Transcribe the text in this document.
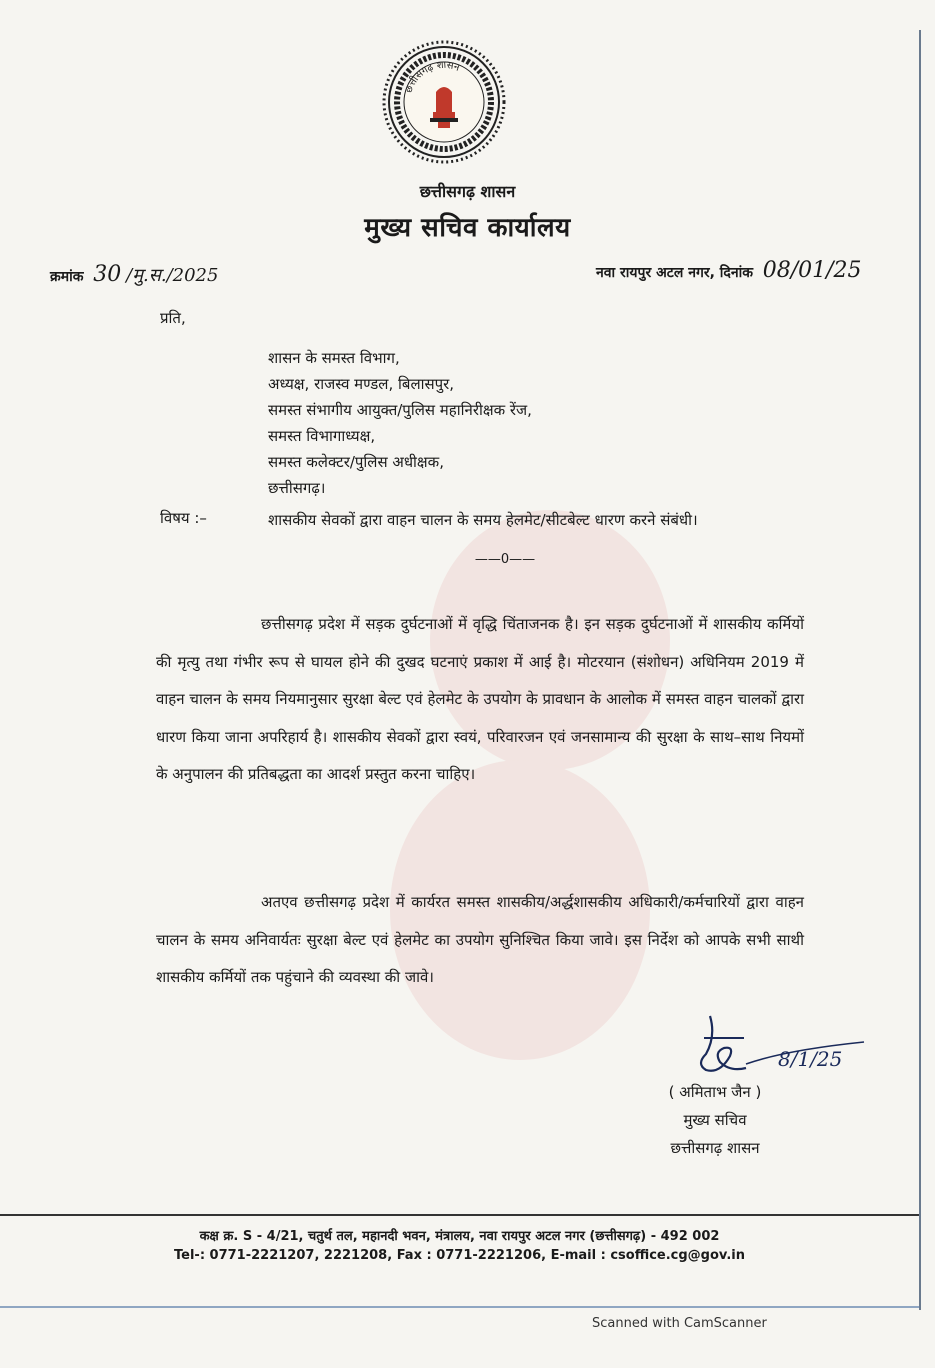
छत्तीसगढ़ शासन
छत्तीसगढ़ शासन
मुख्य सचिव कार्यालय
क्रमांक 30 /मु.स./2025	नवा रायपुर अटल नगर, दिनांक 08/01/25
प्रति,
शासन के समस्त विभाग,
अध्यक्ष, राजस्व मण्डल, बिलासपुर,
समस्त संभागीय आयुक्त/पुलिस महानिरीक्षक रेंज,
समस्त विभागाध्यक्ष,
समस्त कलेक्टर/पुलिस अधीक्षक,
छत्तीसगढ़।
विषय :–	शासकीय सेवकों द्वारा वाहन चालन के समय हेलमेट/सीटबेल्ट धारण करने संबंधी।
——0——
छत्तीसगढ़ प्रदेश में सड़क दुर्घटनाओं में वृद्धि चिंताजनक है। इन सड़क दुर्घटनाओं में शासकीय कर्मियों की मृत्यु तथा गंभीर रूप से घायल होने की दुखद घटनाएं प्रकाश में आई है। मोटरयान (संशोधन) अधिनियम 2019 में वाहन चालन के समय नियमानुसार सुरक्षा बेल्ट एवं हेलमेट के उपयोग के प्रावधान के आलोक में समस्त वाहन चालकों द्वारा धारण किया जाना अपरिहार्य है। शासकीय सेवकों द्वारा स्वयं, परिवारजन एवं जनसामान्य की सुरक्षा के साथ–साथ नियमों के अनुपालन की प्रतिबद्धता का आदर्श प्रस्तुत करना चाहिए।
अतएव छत्तीसगढ़ प्रदेश में कार्यरत समस्त शासकीय/अर्द्धशासकीय अधिकारी/कर्मचारियों द्वारा वाहन चालन के समय अनिवार्यतः सुरक्षा बेल्ट एवं हेलमेट का उपयोग सुनिश्चित किया जावे। इस निर्देश को आपके सभी साथी शासकीय कर्मियों तक पहुंचाने की व्यवस्था की जावे।
8/1/25
( अमिताभ जैन )
मुख्य सचिव
छत्तीसगढ़ शासन
कक्ष क्र. S - 4/21, चतुर्थ तल, महानदी भवन, मंत्रालय, नवा रायपुर अटल नगर (छत्तीसगढ़) - 492 002
Tel-: 0771-2221207, 2221208, Fax : 0771-2221206, E-mail : csoffice.cg@gov.in
Scanned with CamScanner
